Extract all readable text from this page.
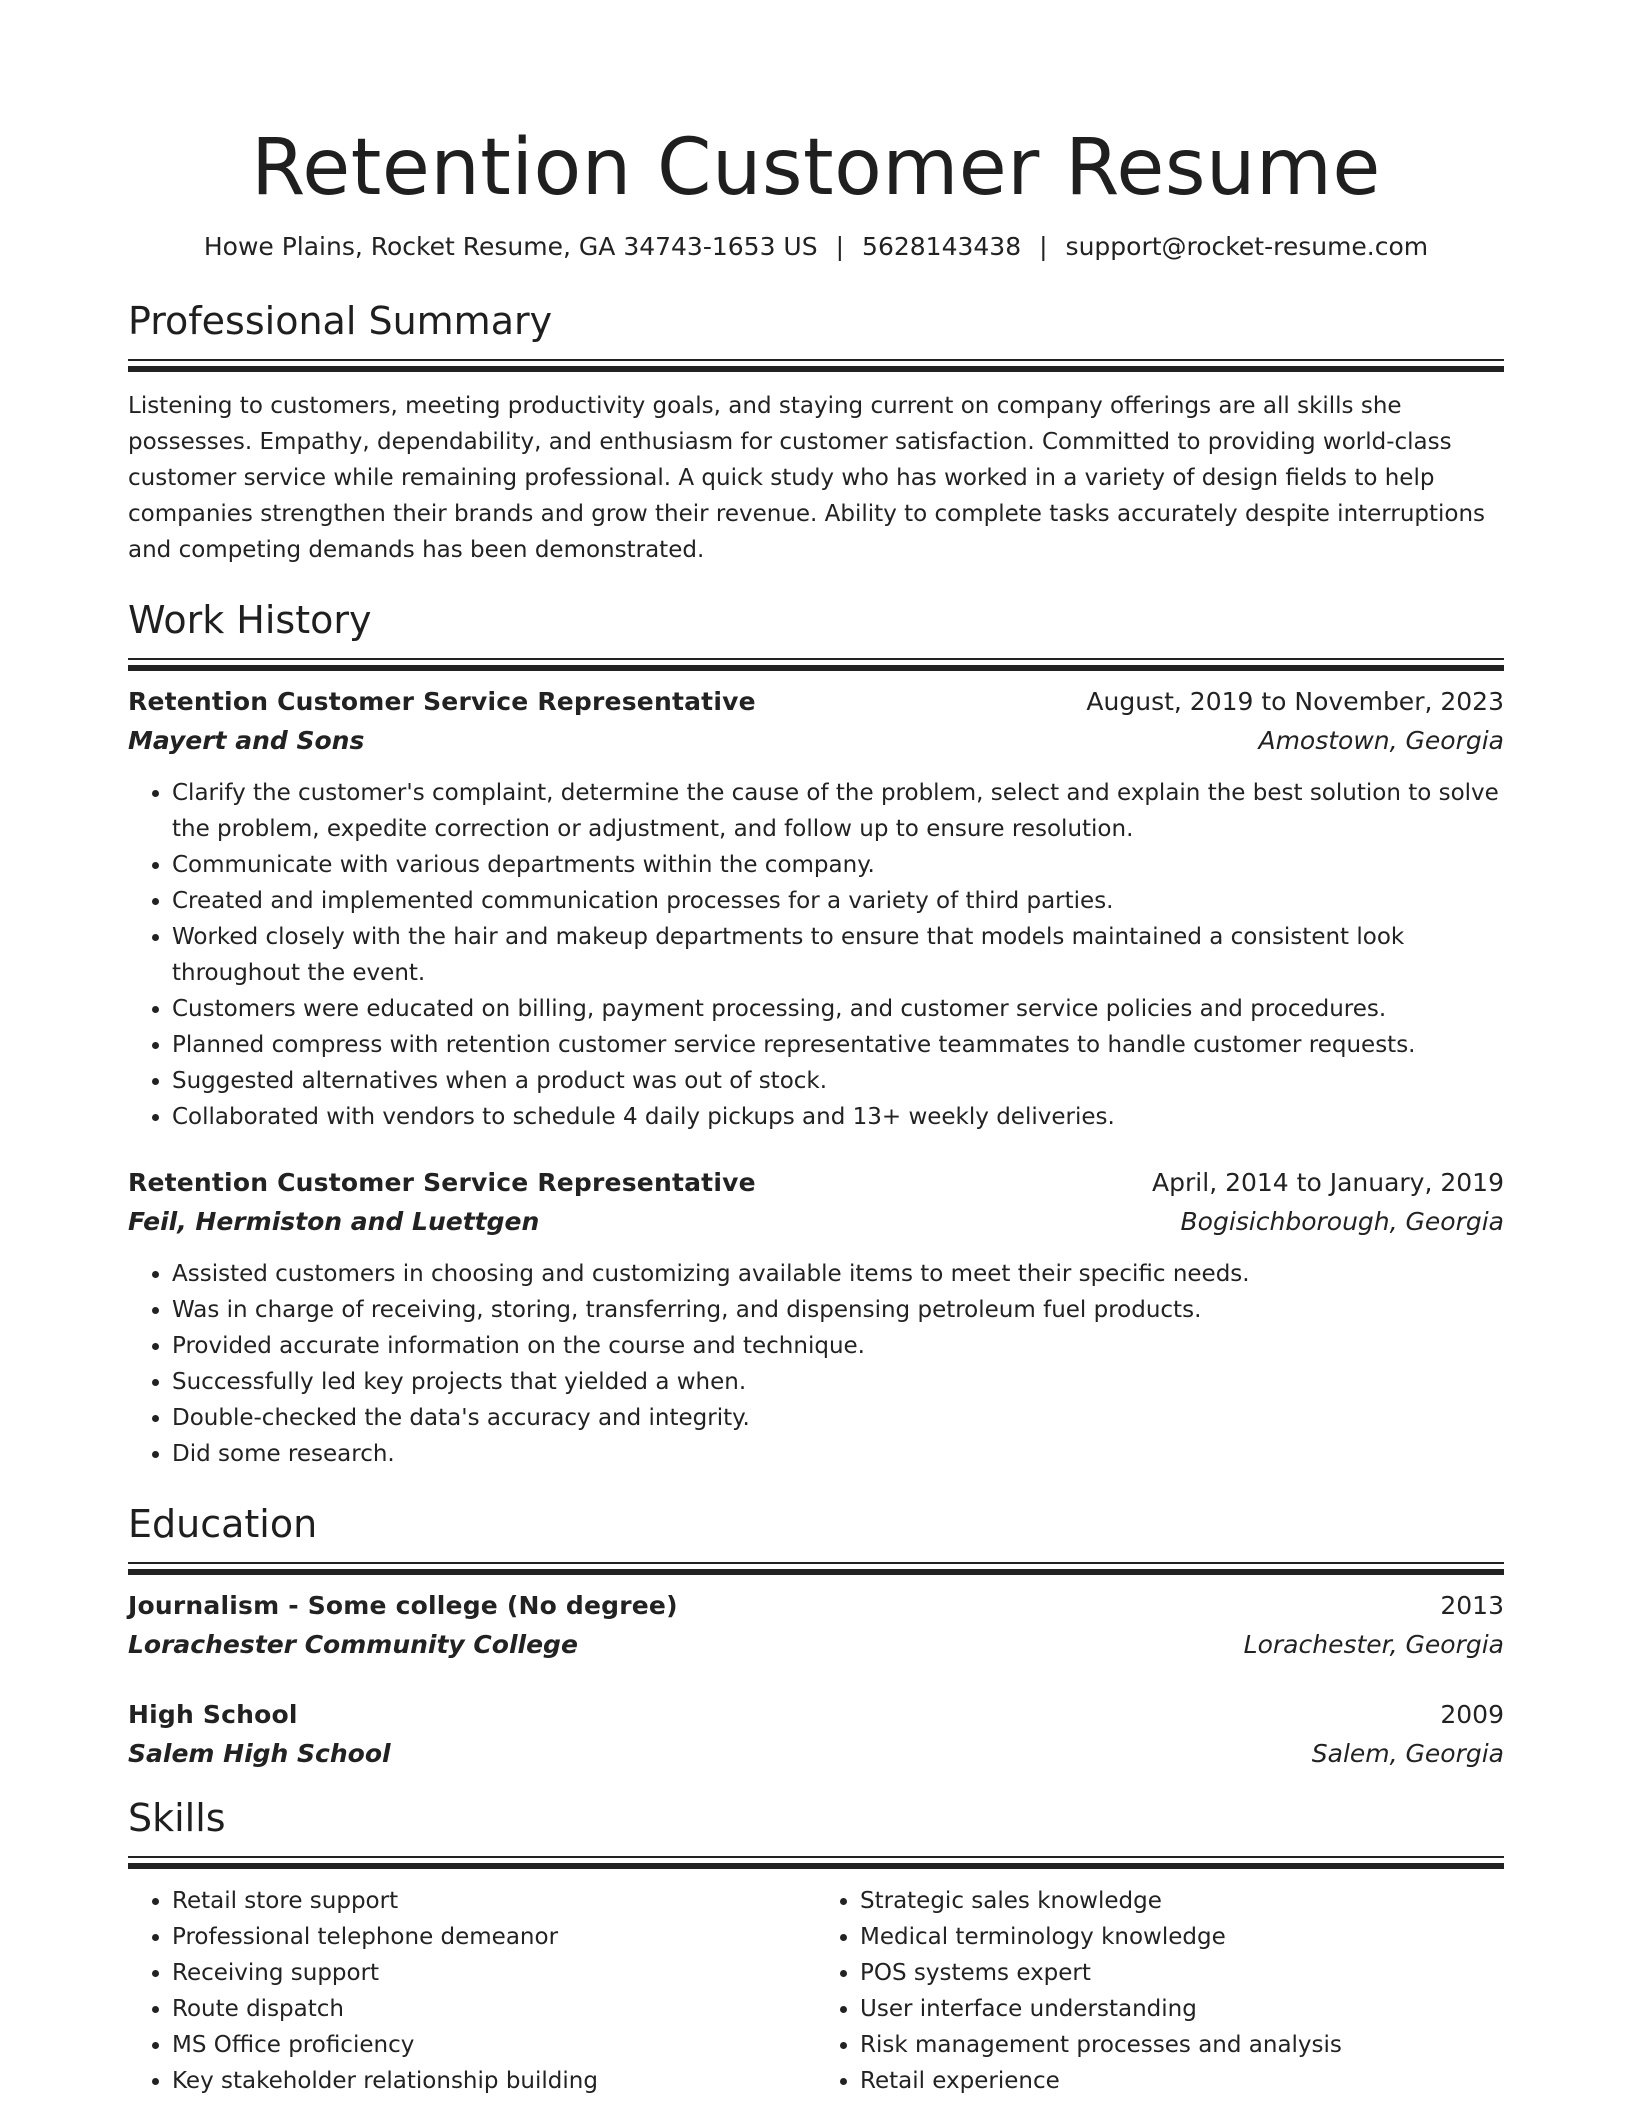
Retention Customer Resume
Howe Plains, Rocket Resume, GA 34743-1653 US | 5628143438 | support@rocket-resume.com
Professional Summary
Listening to customers, meeting productivity goals, and staying current on company offerings are all skills she possesses. Empathy, dependability, and enthusiasm for customer satisfaction. Committed to providing world-class customer service while remaining professional. A quick study who has worked in a variety of design fields to help companies strengthen their brands and grow their revenue. Ability to complete tasks accurately despite interruptions and competing demands has been demonstrated.
Work History
Retention Customer Service Representative	August, 2019 to November, 2023
Mayert and Sons	Amostown, Georgia
• Clarify the customer's complaint, determine the cause of the problem, select and explain the best solution to solve the problem, expedite correction or adjustment, and follow up to ensure resolution.
• Communicate with various departments within the company.
• Created and implemented communication processes for a variety of third parties.
• Worked closely with the hair and makeup departments to ensure that models maintained a consistent look throughout the event.
• Customers were educated on billing, payment processing, and customer service policies and procedures.
• Planned compress with retention customer service representative teammates to handle customer requests.
• Suggested alternatives when a product was out of stock.
• Collaborated with vendors to schedule 4 daily pickups and 13+ weekly deliveries.
Retention Customer Service Representative	April, 2014 to January, 2019
Feil, Hermiston and Luettgen	Bogisichborough, Georgia
• Assisted customers in choosing and customizing available items to meet their specific needs.
• Was in charge of receiving, storing, transferring, and dispensing petroleum fuel products.
• Provided accurate information on the course and technique.
• Successfully led key projects that yielded a when.
• Double-checked the data's accuracy and integrity.
• Did some research.
Education
Journalism - Some college (No degree)	2013
Lorachester Community College	Lorachester, Georgia
High School	2009
Salem High School	Salem, Georgia
Skills
• Retail store support
• Professional telephone demeanor
• Receiving support
• Route dispatch
• MS Office proficiency
• Key stakeholder relationship building
• Strategic sales knowledge
• Medical terminology knowledge
• POS systems expert
• User interface understanding
• Risk management processes and analysis
• Retail experience
